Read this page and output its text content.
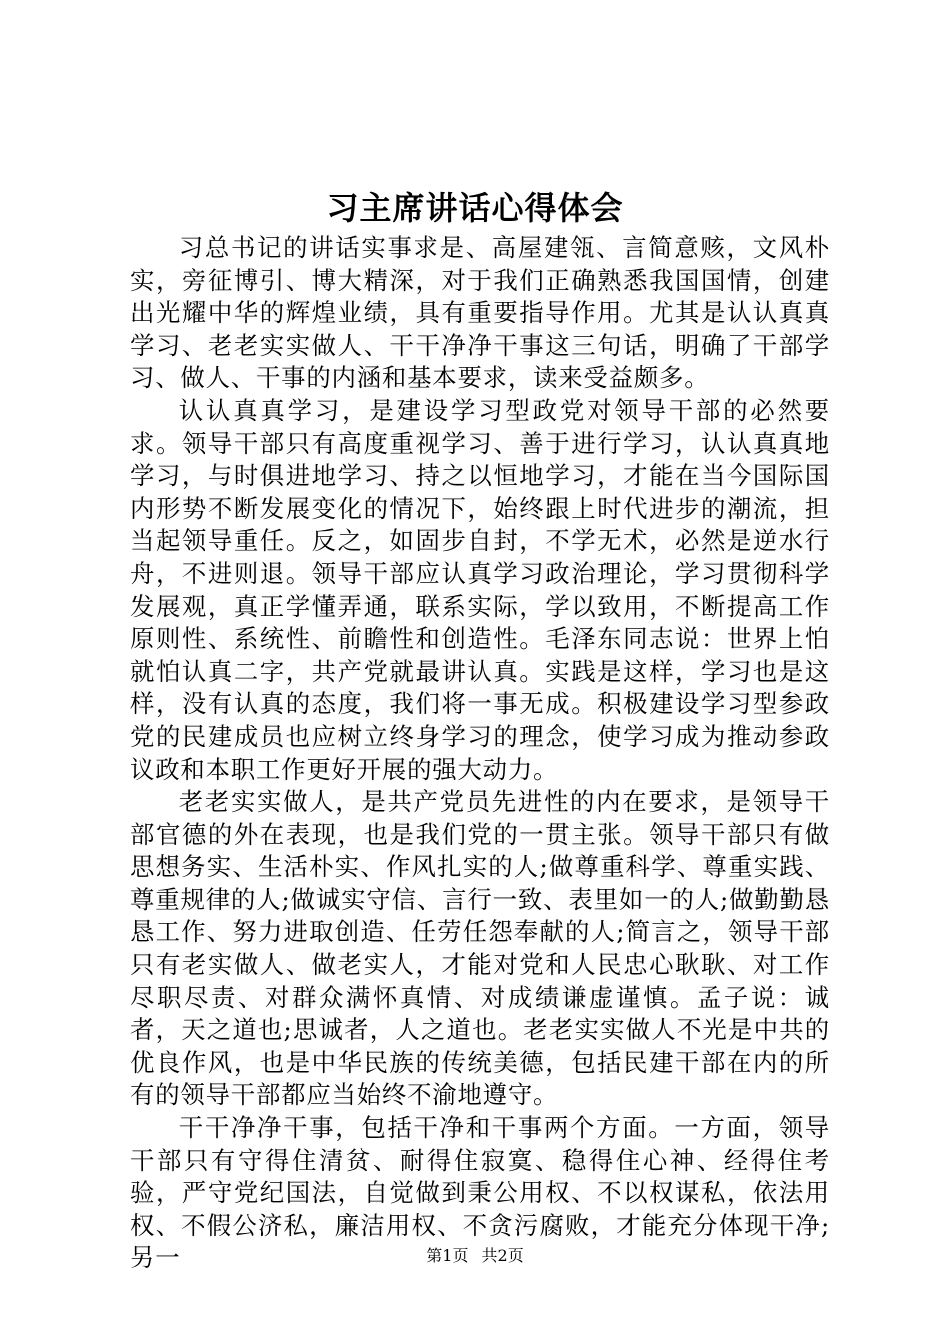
习主席讲话心得体会

习总书记的讲话实事求是、高屋建瓴、言简意赅，文风朴实，旁征博引、博大精深，对于我们正确熟悉我国国情，创建出光耀中华的辉煌业绩，具有重要指导作用。尤其是认认真真学习、老老实实做人、干干净净干事这三句话，明确了干部学习、做人、干事的内涵和基本要求，读来受益颇多。

认认真真学习，是建设学习型政党对领导干部的必然要求。领导干部只有高度重视学习、善于进行学习，认认真真地学习，与时俱进地学习、持之以恒地学习，才能在当今国际国内形势不断发展变化的情况下，始终跟上时代进步的潮流，担当起领导重任。反之，如固步自封，不学无术，必然是逆水行舟，不进则退。领导干部应认真学习政治理论，学习贯彻科学发展观，真正学懂弄通，联系实际，学以致用，不断提高工作原则性、系统性、前瞻性和创造性。毛泽东同志说：世界上怕就怕认真二字，共产党就最讲认真。实践是这样，学习也是这样，没有认真的态度，我们将一事无成。积极建设学习型参政党的民建成员也应树立终身学习的理念，使学习成为推动参政议政和本职工作更好开展的强大动力。

老老实实做人，是共产党员先进性的内在要求，是领导干部官德的外在表现，也是我们党的一贯主张。领导干部只有做思想务实、生活朴实、作风扎实的人;做尊重科学、尊重实践、尊重规律的人;做诚实守信、言行一致、表里如一的人;做勤勤恳恳工作、努力进取创造、任劳任怨奉献的人;简言之，领导干部只有老实做人、做老实人，才能对党和人民忠心耿耿、对工作尽职尽责、对群众满怀真情、对成绩谦虚谨慎。孟子说：诚者，天之道也;思诚者，人之道也。老老实实做人不光是中共的优良作风，也是中华民族的传统美德，包括民建干部在内的所有的领导干部都应当始终不渝地遵守。

干干净净干事，包括干净和干事两个方面。一方面，领导干部只有守得住清贫、耐得住寂寞、稳得住心神、经得住考验，严守党纪国法，自觉做到秉公用权、不以权谋私，依法用权、不假公济私，廉洁用权、不贪污腐败，才能充分体现干净;另一	第1页 共2页
